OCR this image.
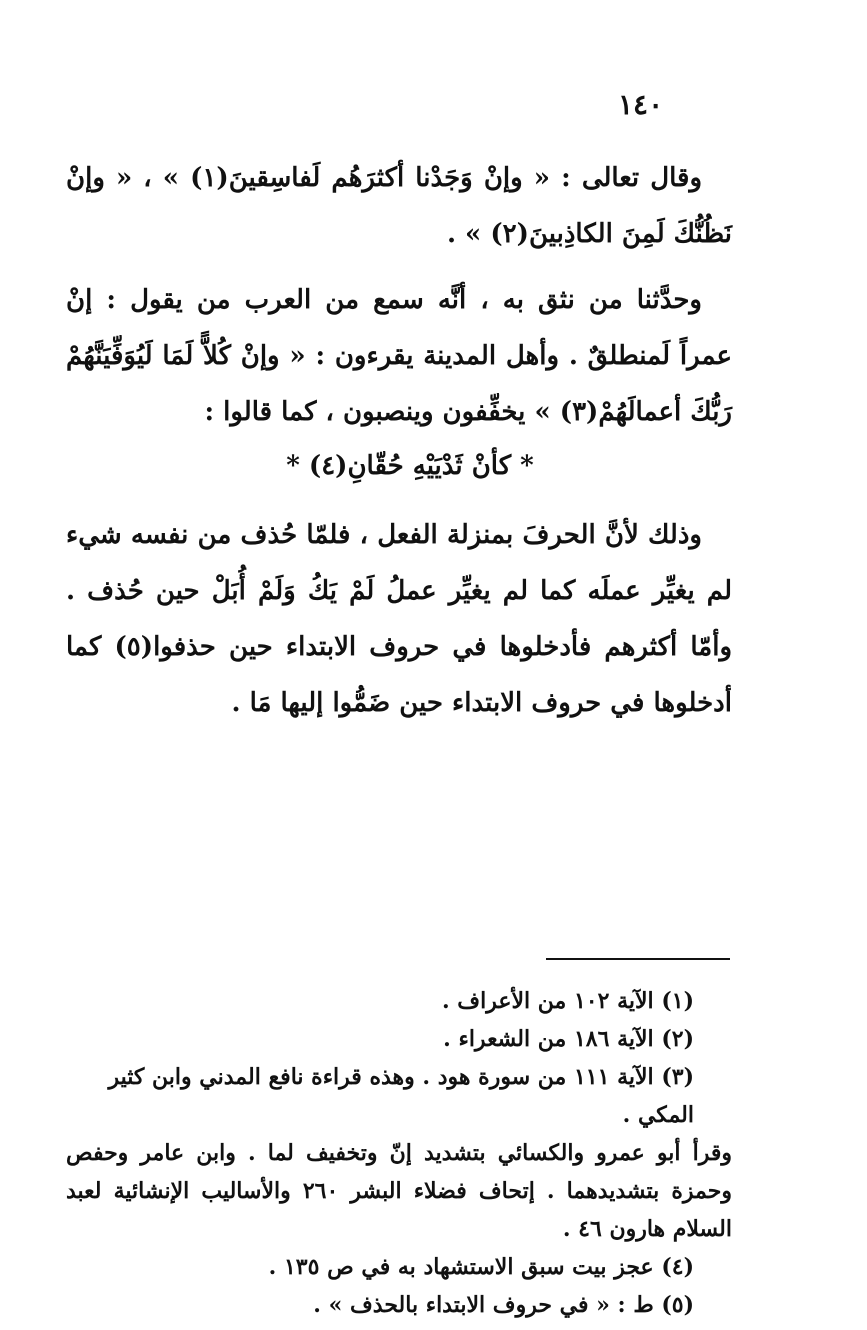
١٤٠
وقال تعالى : « وإنْ وَجَدْنا أكثرَهُم لَفاسِقينَ(١) » ، « وإنْ نَظُنُّكَ لَمِنَ الكاذِبينَ(٢) » .
وحدَّثنا من نثق به ، أنَّه سمع من العرب من يقول : إنْ عمراً لَمنطلقٌ . وأهل المدينة يقرءون : « وإنْ كُلاًّ لَمَا لَيُوَفِّيَنَّهُمْ رَبُّكَ أعمالَهُمْ(٣) » يخفِّفون وينصبون ، كما قالوا :
* كأنْ ثَدْيَيْهِ حُقّانِ(٤) *
وذلك لأنَّ الحرفَ بمنزلة الفعل ، فلمّا حُذف من نفسه شيء لم يغيِّر عملَه كما لم يغيِّر عملُ لَمْ يَكُ وَلَمْ أُبَلْ حين حُذف . وأمّا أكثرهم فأدخلوها في حروف الابتداء حين حذفوا(٥) كما أدخلوها في حروف الابتداء حين ضَمُّوا إليها مَا .
(١) الآية ١٠٢ من الأعراف .
(٢) الآية ١٨٦ من الشعراء .
(٣) الآية ١١١ من سورة هود . وهذه قراءة نافع المدني وابن كثير المكي .
وقرأ أبو عمرو والكسائي بتشديد إنّ وتخفيف لما . وابن عامر وحفص وحمزة بتشديدهما . إتحاف فضلاء البشر ٢٦٠ والأساليب الإنشائية لعبد السلام هارون ٤٦ .
(٤) عجز بيت سبق الاستشهاد به في ص ١٣٥ .
(٥) ط : « في حروف الابتداء بالحذف » .
